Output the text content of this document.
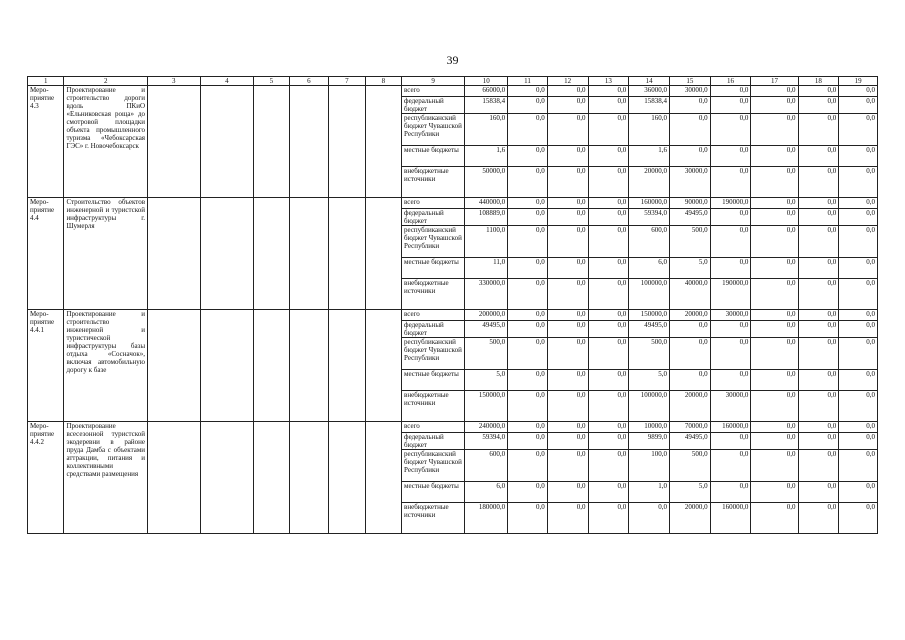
39
1	2	3	4	5	6	7	8	9	10	11	12	13	14	15	16	17	18	19
Меро-приятие 4.3	Проектирование и строительство дороги вдоль ПКиО «Ельниковская роща» до смотровой площадки объекта промышленного туризма «Чебоксарская ГЭС» г. Новочебоксарск							всего	66000,0	0,0	0,0	0,0	36000,0	30000,0	0,0	0,0	0,0	0,0
								федеральный бюджет	15838,4	0,0	0,0	0,0	15838,4	0,0	0,0	0,0	0,0	0,0
								республиканский бюджет Чувашской Республики	160,0	0,0	0,0	0,0	160,0	0,0	0,0	0,0	0,0	0,0
								местные бюджеты	1,6	0,0	0,0	0,0	1,6	0,0	0,0	0,0	0,0	0,0
								внебюджетные источники	50000,0	0,0	0,0	0,0	20000,0	30000,0	0,0	0,0	0,0	0,0
Меро-приятие 4.4	Строительство объектов инженерной и туристской инфраструктуры г. Шумерля							всего	440000,0	0,0	0,0	0,0	160000,0	90000,0	190000,0	0,0	0,0	0,0
								федеральный бюджет	108889,0	0,0	0,0	0,0	59394,0	49495,0	0,0	0,0	0,0	0,0
								республиканский бюджет Чувашской Республики	1100,0	0,0	0,0	0,0	600,0	500,0	0,0	0,0	0,0	0,0
								местные бюджеты	11,0	0,0	0,0	0,0	6,0	5,0	0,0	0,0	0,0	0,0
								внебюджетные источники	330000,0	0,0	0,0	0,0	100000,0	40000,0	190000,0	0,0	0,0	0,0
Меро-приятие 4.4.1	Проектирование и строительство инженерной и туристической инфраструктуры базы отдыха «Сосначок», включая автомобильную дорогу к базе							всего	200000,0	0,0	0,0	0,0	150000,0	20000,0	30000,0	0,0	0,0	0,0
								федеральный бюджет	49495,0	0,0	0,0	0,0	49495,0	0,0	0,0	0,0	0,0	0,0
								республиканский бюджет Чувашской Республики	500,0	0,0	0,0	0,0	500,0	0,0	0,0	0,0	0,0	0,0
								местные бюджеты	5,0	0,0	0,0	0,0	5,0	0,0	0,0	0,0	0,0	0,0
								внебюджетные источники	150000,0	0,0	0,0	0,0	100000,0	20000,0	30000,0	0,0	0,0	0,0
Меро-приятие 4.4.2	Проектирование всесезонной туристской экодеревни в районе пруда Дамба с объектами аттракции, питания и коллективными средствами размещения							всего	240000,0	0,0	0,0	0,0	10000,0	70000,0	160000,0	0,0	0,0	0,0
								федеральный бюджет	59394,0	0,0	0,0	0,0	9899,0	49495,0	0,0	0,0	0,0	0,0
								республиканский бюджет Чувашской Республики	600,0	0,0	0,0	0,0	100,0	500,0	0,0	0,0	0,0	0,0
								местные бюджеты	6,0	0,0	0,0	0,0	1,0	5,0	0,0	0,0	0,0	0,0
								внебюджетные источники	180000,0	0,0	0,0	0,0	0,0	20000,0	160000,0	0,0	0,0	0,0
